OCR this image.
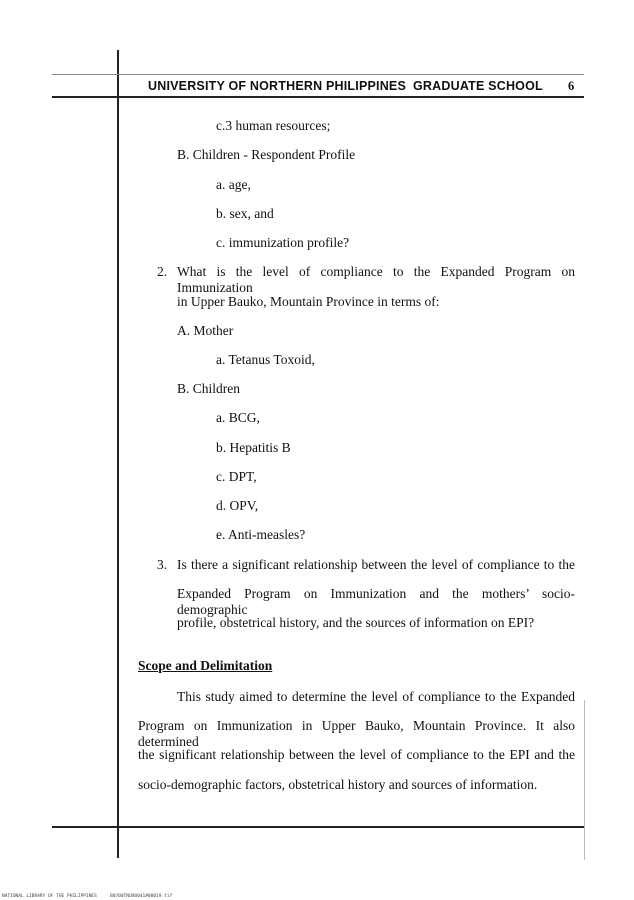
UNIVERSITY OF NORTHERN PHILIPPINES GRADUATE SCHOOL 6
c.3 human resources;
B. Children - Respondent Profile
a. age,
b. sex, and
c. immunization profile?
2. What is the level of compliance to the Expanded Program on Immunization
in Upper Bauko, Mountain Province in terms of:
A. Mother
a. Tetanus Toxoid,
B. Children
a. BCG,
b. Hepatitis B
c. DPT,
d. OPV,
e. Anti-measles?
3. Is there a significant relationship between the level of compliance to the
Expanded Program on Immunization and the mothers’ socio-demographic
profile, obstetrical history, and the sources of information on EPI?
Scope and Delimitation
This study aimed to determine the level of compliance to the Expanded
Program on Immunization in Upper Bauko, Mountain Province. It also determined
the significant relationship between the level of compliance to the EPI and the
socio-demographic factors, obstetrical history and sources of information.
NATIONAL LIBRARY OF THE PHILIPPINES	B0700TNUO0041#00019.tif
